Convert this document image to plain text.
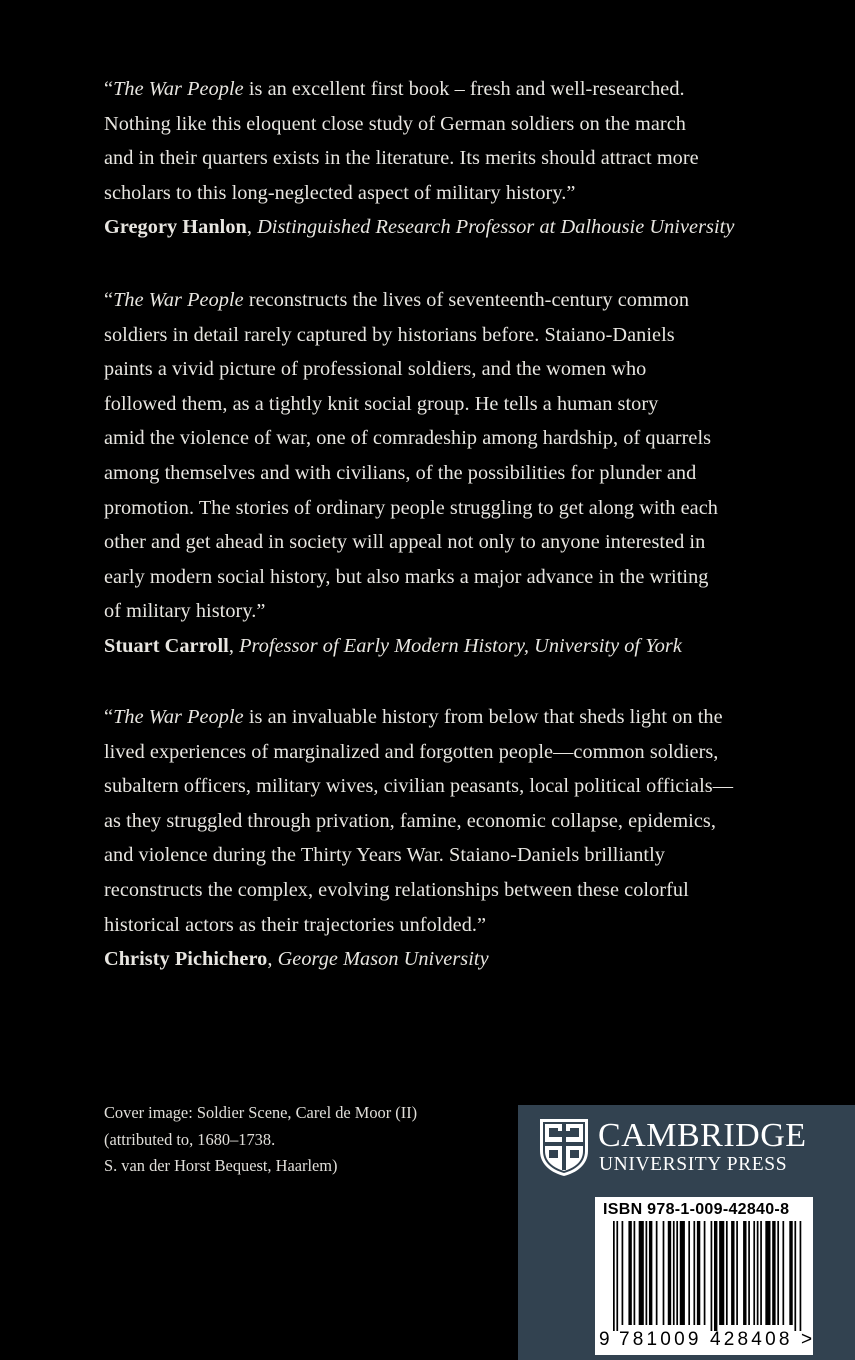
“The War People is an excellent first book – fresh and well-researched.

Nothing like this eloquent close study of German soldiers on the march

and in their quarters exists in the literature. Its merits should attract more

scholars to this long-neglected aspect of military history.”

Gregory Hanlon, Distinguished Research Professor at Dalhousie University

“The War People reconstructs the lives of seventeenth-century common

soldiers in detail rarely captured by historians before. Staiano-Daniels

paints a vivid picture of professional soldiers, and the women who

followed them, as a tightly knit social group. He tells a human story

amid the violence of war, one of comradeship among hardship, of quarrels

among themselves and with civilians, of the possibilities for plunder and

promotion. The stories of ordinary people struggling to get along with each

other and get ahead in society will appeal not only to anyone interested in

early modern social history, but also marks a major advance in the writing

of military history.”

Stuart Carroll, Professor of Early Modern History, University of York

“The War People is an invaluable history from below that sheds light on the

lived experiences of marginalized and forgotten people—common soldiers,

subaltern officers, military wives, civilian peasants, local political officials—

as they struggled through privation, famine, economic collapse, epidemics,

and violence during the Thirty Years War. Staiano-Daniels brilliantly

reconstructs the complex, evolving relationships between these colorful

historical actors as their trajectories unfolded.”

Christy Pichichero, George Mason University

Cover image: Soldier Scene, Carel de Moor (II)
(attributed to, 1680–1738.
S. van der Horst Bequest, Haarlem)
CAMBRIDGE
UNIVERSITY PRESS
ISBN 978-1-009-42840-8
9 781009 428408 >
